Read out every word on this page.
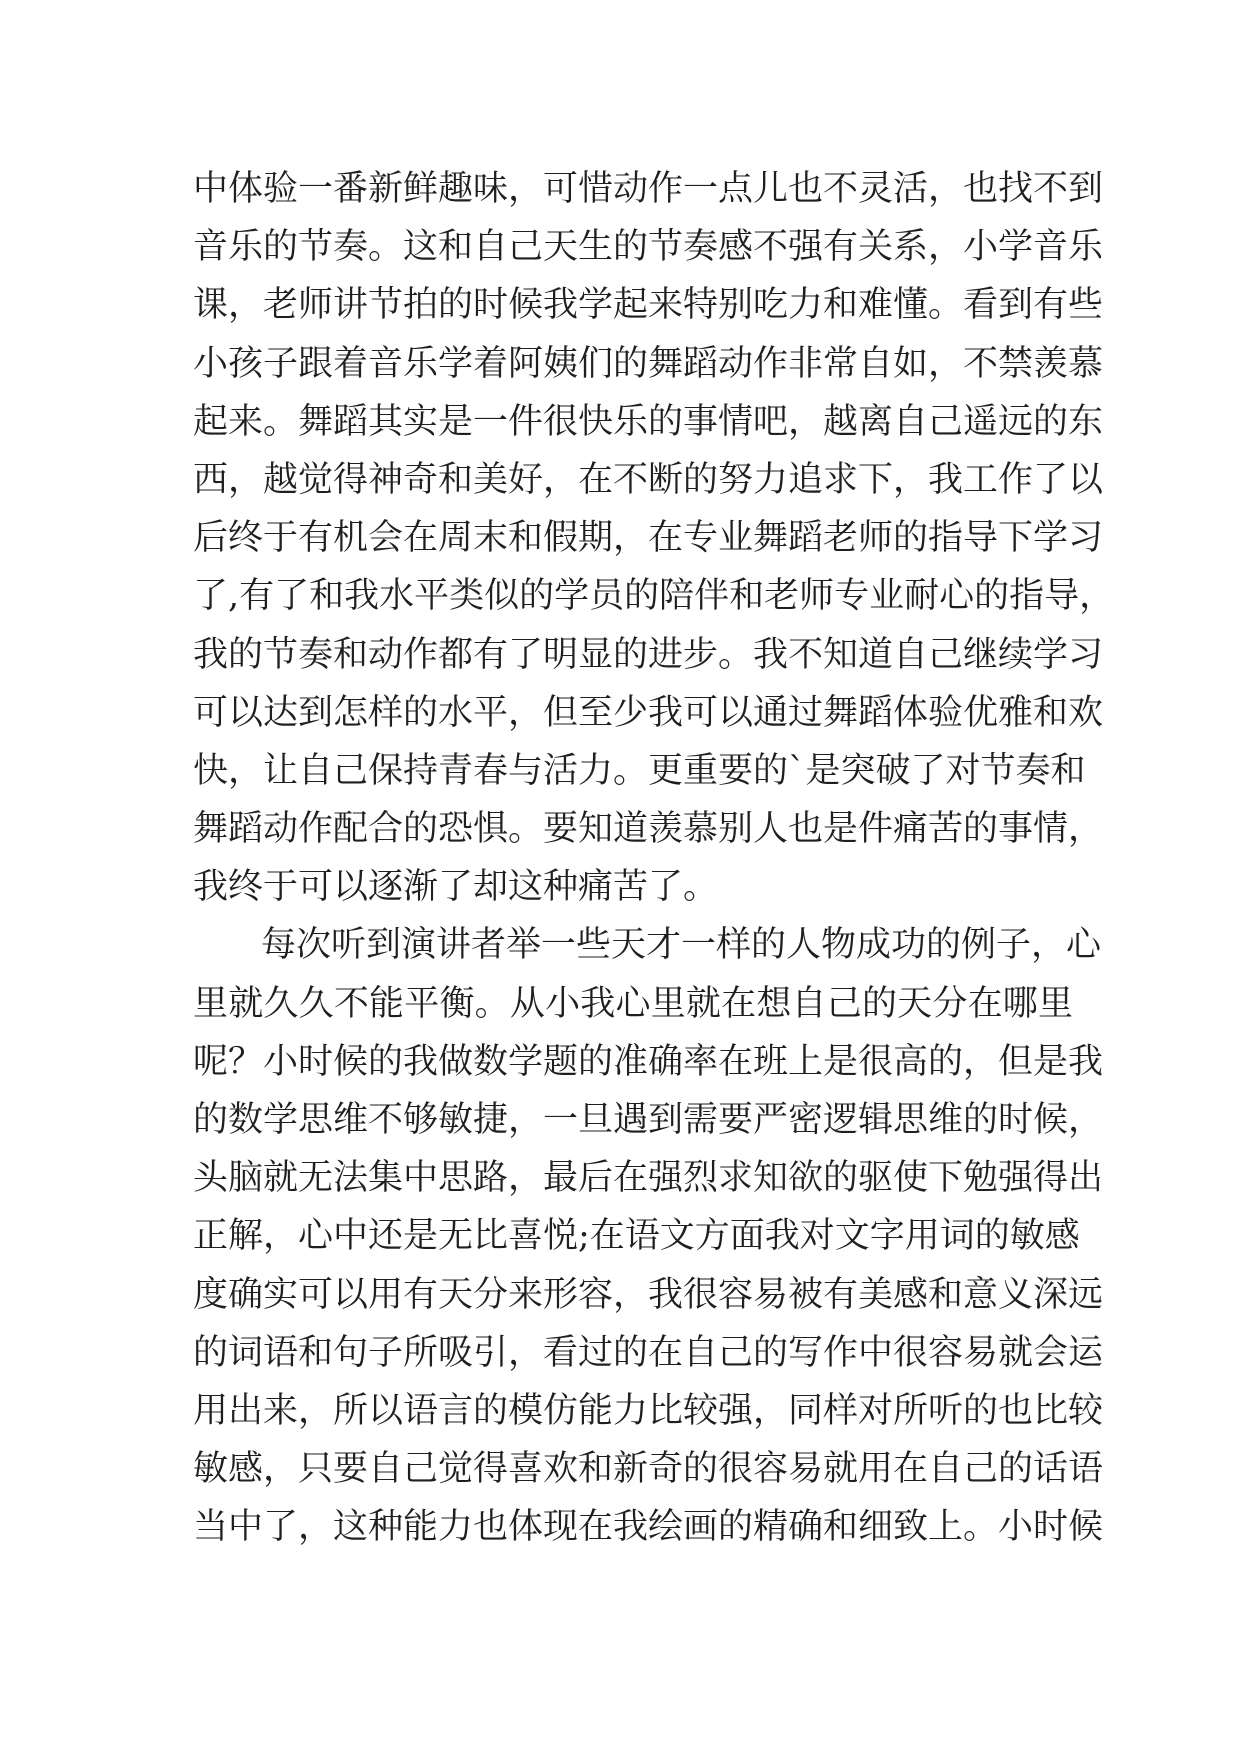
中体验一番新鲜趣味，可惜动作一点儿也不灵活，也找不到
音乐的节奏。这和自己天生的节奏感不强有关系，小学音乐
课，老师讲节拍的时候我学起来特别吃力和难懂。看到有些
小孩子跟着音乐学着阿姨们的舞蹈动作非常自如，不禁羡慕
起来。舞蹈其实是一件很快乐的事情吧，越离自己遥远的东
西，越觉得神奇和美好，在不断的努力追求下，我工作了以
后终于有机会在周末和假期，在专业舞蹈老师的指导下学习
了,有了和我水平类似的学员的陪伴和老师专业耐心的指导，
我的节奏和动作都有了明显的进步。我不知道自己继续学习
可以达到怎样的水平，但至少我可以通过舞蹈体验优雅和欢
快，让自己保持青春与活力。更重要的`是突破了对节奏和
舞蹈动作配合的恐惧。要知道羡慕别人也是件痛苦的事情，
我终于可以逐渐了却这种痛苦了。
每次听到演讲者举一些天才一样的人物成功的例子，心
里就久久不能平衡。从小我心里就在想自己的天分在哪里
呢？小时候的我做数学题的准确率在班上是很高的，但是我
的数学思维不够敏捷，一旦遇到需要严密逻辑思维的时候，
头脑就无法集中思路，最后在强烈求知欲的驱使下勉强得出
正解，心中还是无比喜悦;在语文方面我对文字用词的敏感
度确实可以用有天分来形容，我很容易被有美感和意义深远
的词语和句子所吸引，看过的在自己的写作中很容易就会运
用出来，所以语言的模仿能力比较强，同样对所听的也比较
敏感，只要自己觉得喜欢和新奇的很容易就用在自己的话语
当中了，这种能力也体现在我绘画的精确和细致上。小时候
